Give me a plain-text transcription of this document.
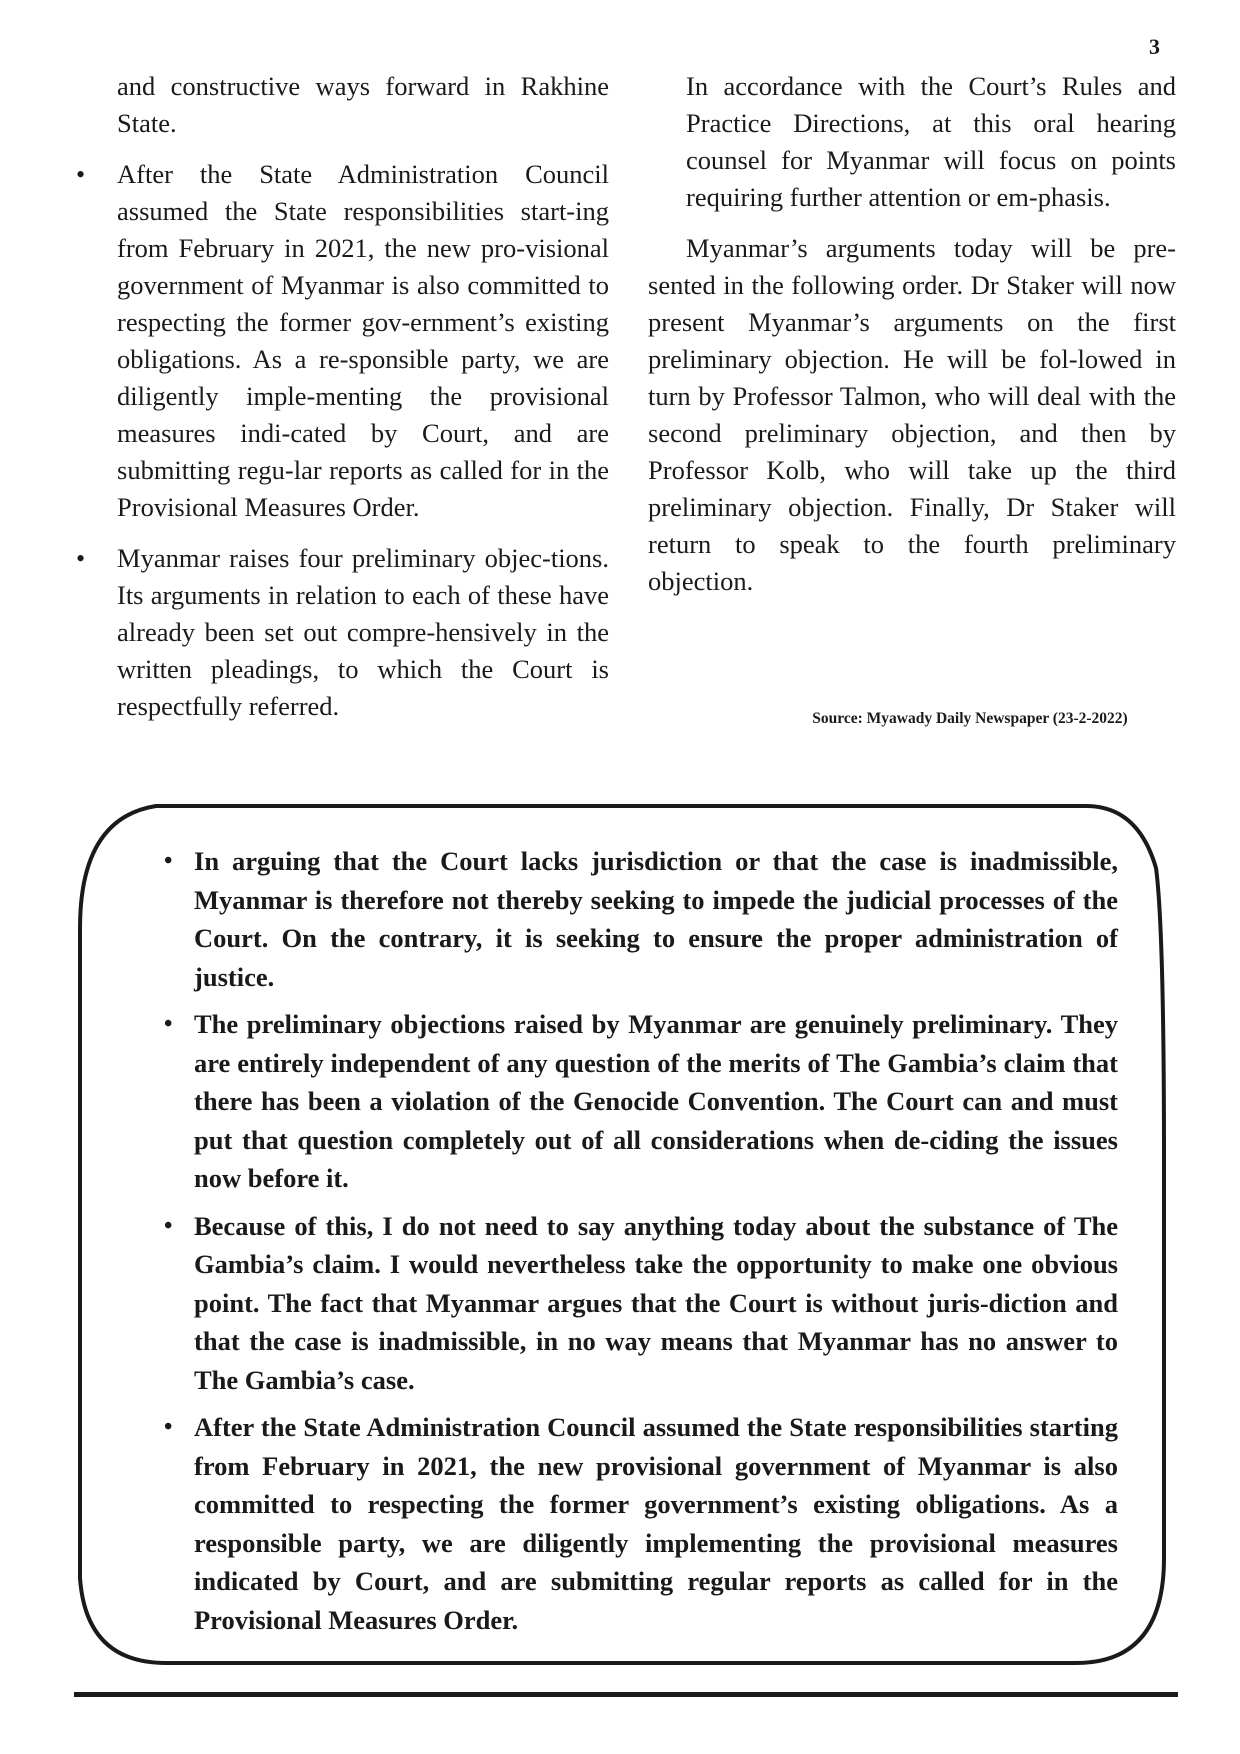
3

and constructive ways forward in Rakhine State.

• After the State Administration Council assumed the State responsibilities start-ing from February in 2021, the new pro-visional government of Myanmar is also committed to respecting the former gov-ernment’s existing obligations. As a re-sponsible party, we are diligently imple-menting the provisional measures indi-cated by Court, and are submitting regu-lar reports as called for in the Provisional Measures Order.
• Myanmar raises four preliminary objec-tions. Its arguments in relation to each of these have already been set out compre-hensively in the written pleadings, to which the Court is respectfully referred.

In accordance with the Court’s Rules and Practice Directions, at this oral hearing counsel for Myanmar will focus on points requiring further attention or em-phasis.

Myanmar’s arguments today will be pre-sented in the following order. Dr Staker will now present Myanmar’s arguments on the first preliminary objection. He will be fol-lowed in turn by Professor Talmon, who will deal with the second preliminary objection, and then by Professor Kolb, who will take up the third preliminary objection. Finally, Dr Staker will return to speak to the fourth preliminary objection.

Source: Myawady Daily Newspaper (23-2-2022)
• In arguing that the Court lacks jurisdiction or that the case is inadmissible, Myanmar is therefore not thereby seeking to impede the judicial processes of the Court. On the contrary, it is seeking to ensure the proper administration of justice.
• The preliminary objections raised by Myanmar are genuinely preliminary. They are entirely independent of any question of the merits of The Gambia’s claim that there has been a violation of the Genocide Convention. The Court can and must put that question completely out of all considerations when de-ciding the issues now before it.
• Because of this, I do not need to say anything today about the substance of The Gambia’s claim. I would nevertheless take the opportunity to make one obvious point. The fact that Myanmar argues that the Court is without juris-diction and that the case is inadmissible, in no way means that Myanmar has no answer to The Gambia’s case.
• After the State Administration Council assumed the State responsibilities starting from February in 2021, the new provisional government of Myanmar is also committed to respecting the former government’s existing obligations. As a responsible party, we are diligently implementing the provisional measures indicated by Court, and are submitting regular reports as called for in the Provisional Measures Order.
